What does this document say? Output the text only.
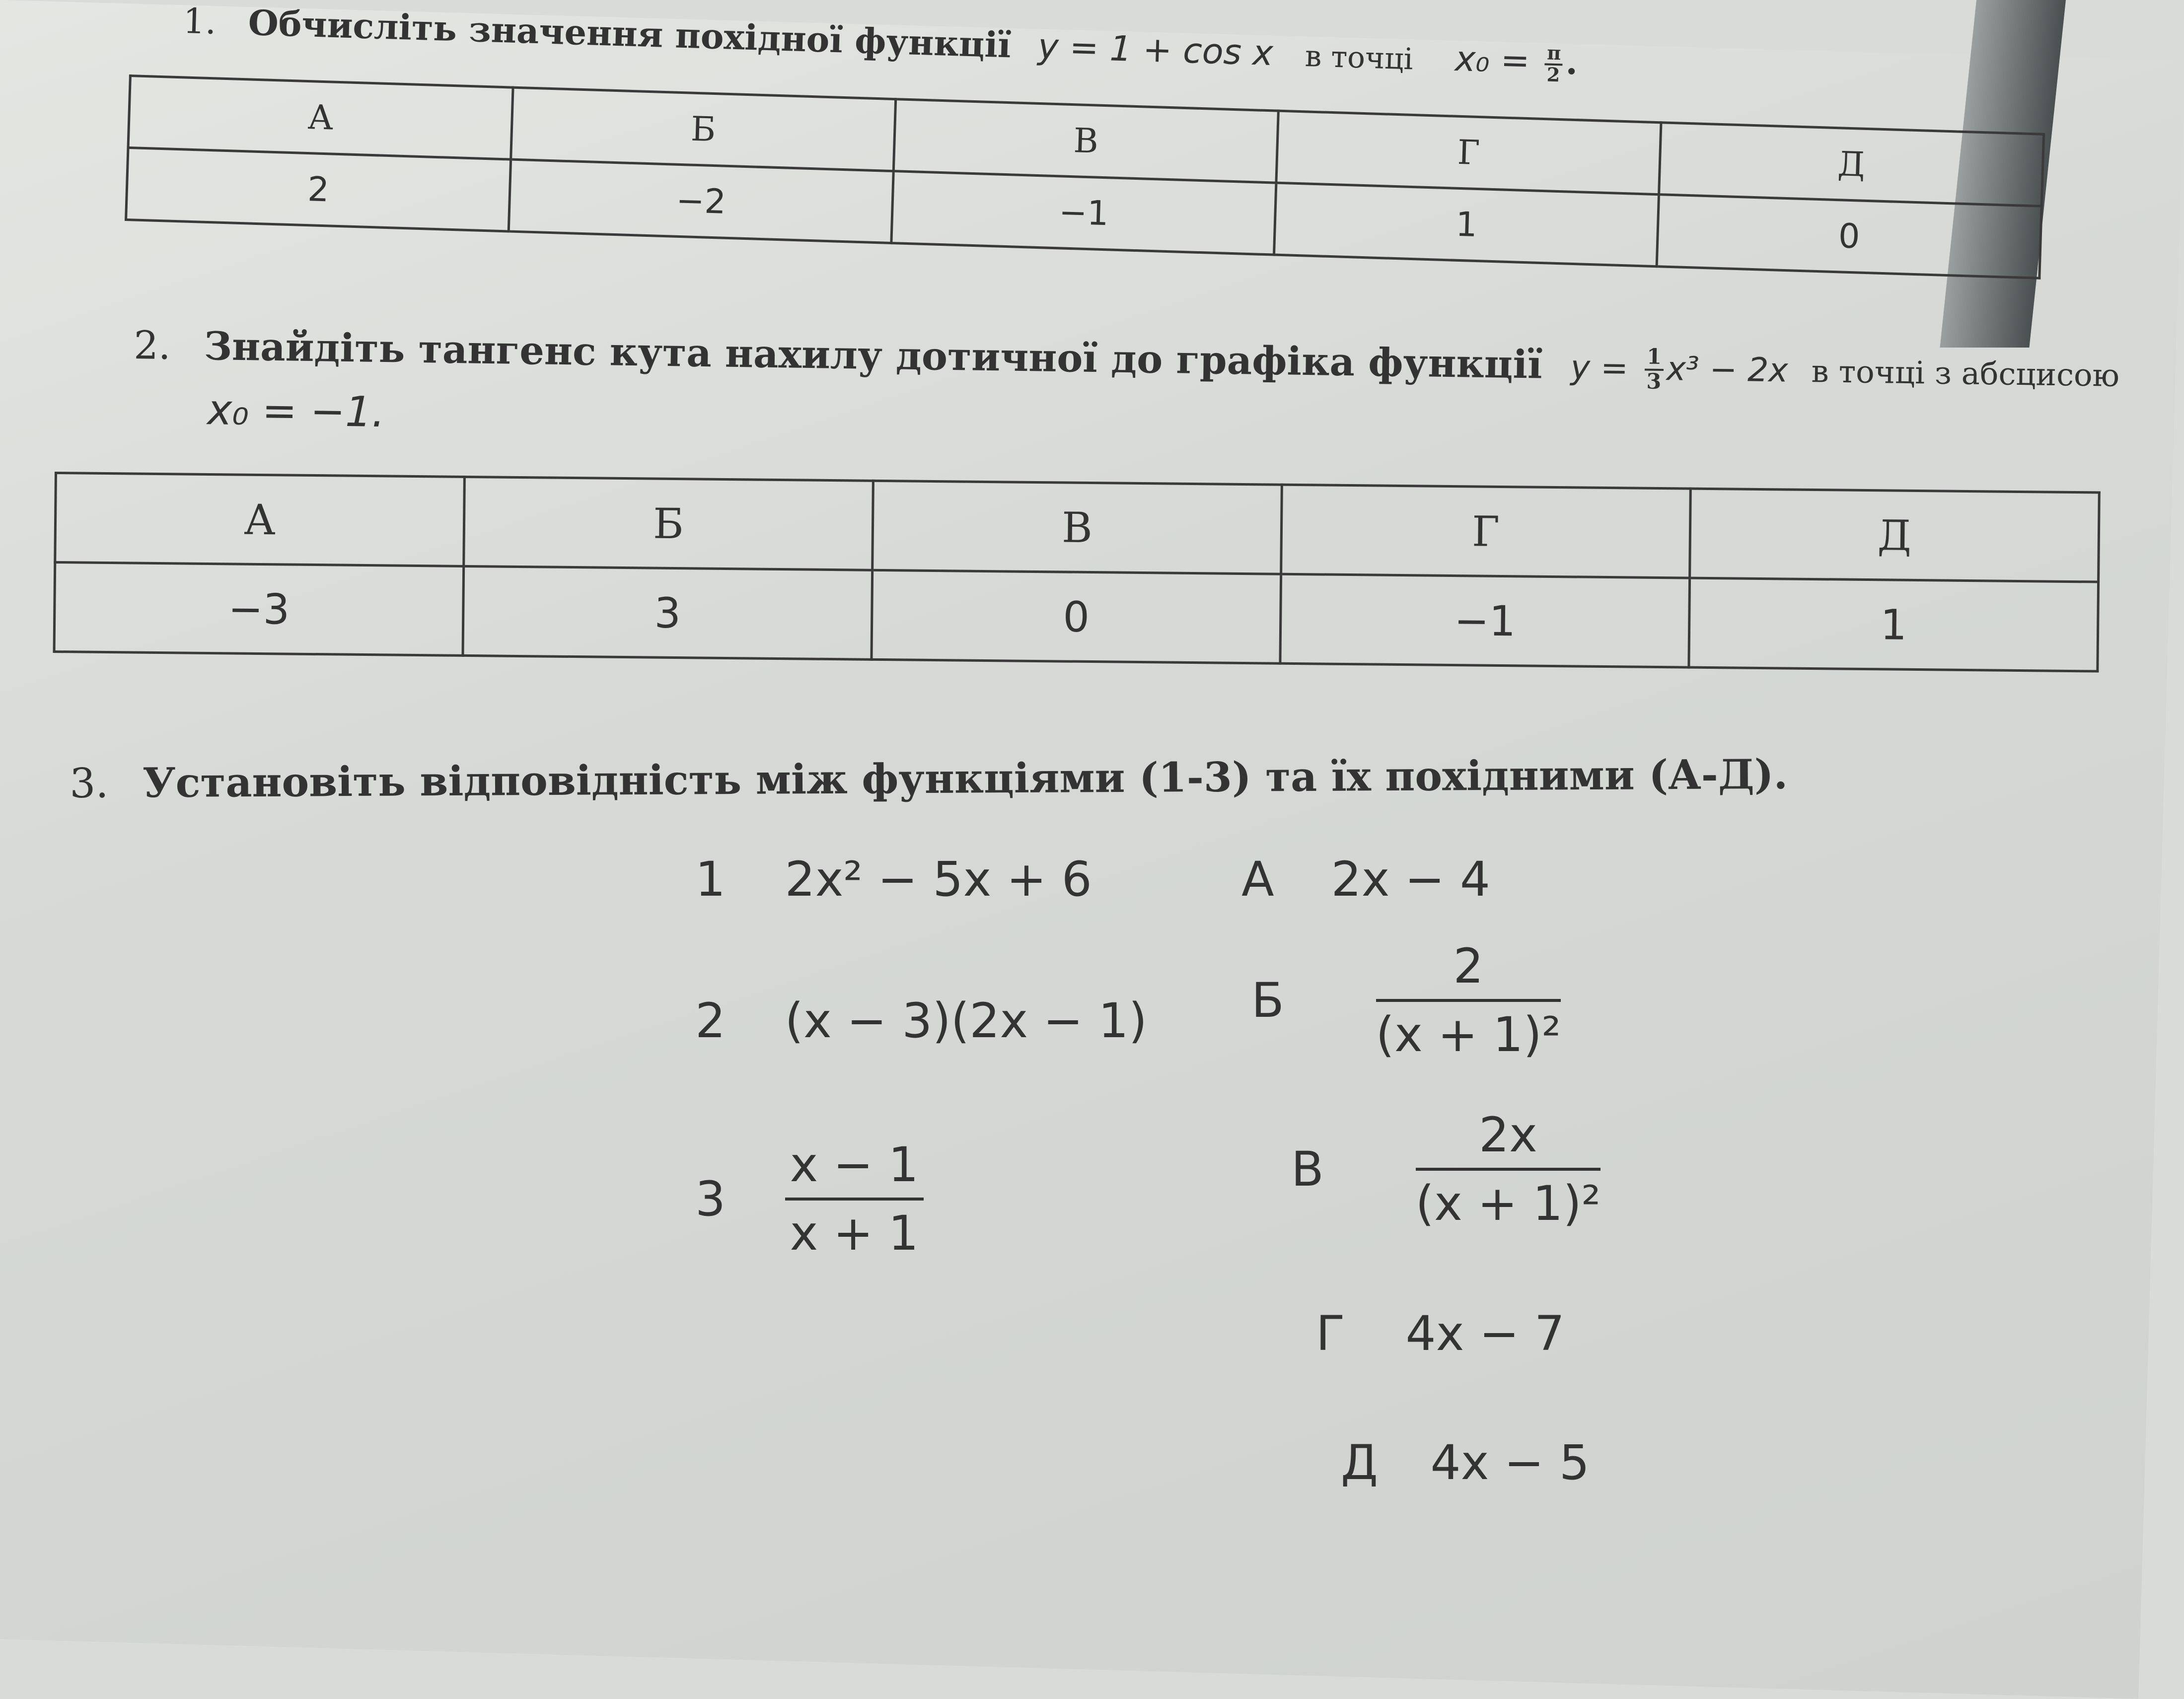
1. Обчисліть значення похідної функції y = 1 + cos x в точці $x_0 = \frac{\pi}{2}$ .
А	Б	В	Г	Д
2	−2	−1	1	0
2. Знайдіть тангенс кута нахилу дотичної до графіка функції $y = \frac{1}{3} x^3 - 2x$ в точці з абсцисою
x₀ = −1.
А	Б	В	Г	Д
−3	3	0	−1	1
3. Установіть відповідність між функціями (1-3) та їх похідними (А-Д).
1 2x² − 5x + 6
2 (x − 3)(2x − 1)
$3 \frac{x - 1}{x + 1}$
А 2x − 4
Б $\frac{2}{\text{(x + 1)²}}$
В $\frac{2x}{\text{(x + 1)²}}$
Г 4x − 7
Д 4x − 5
